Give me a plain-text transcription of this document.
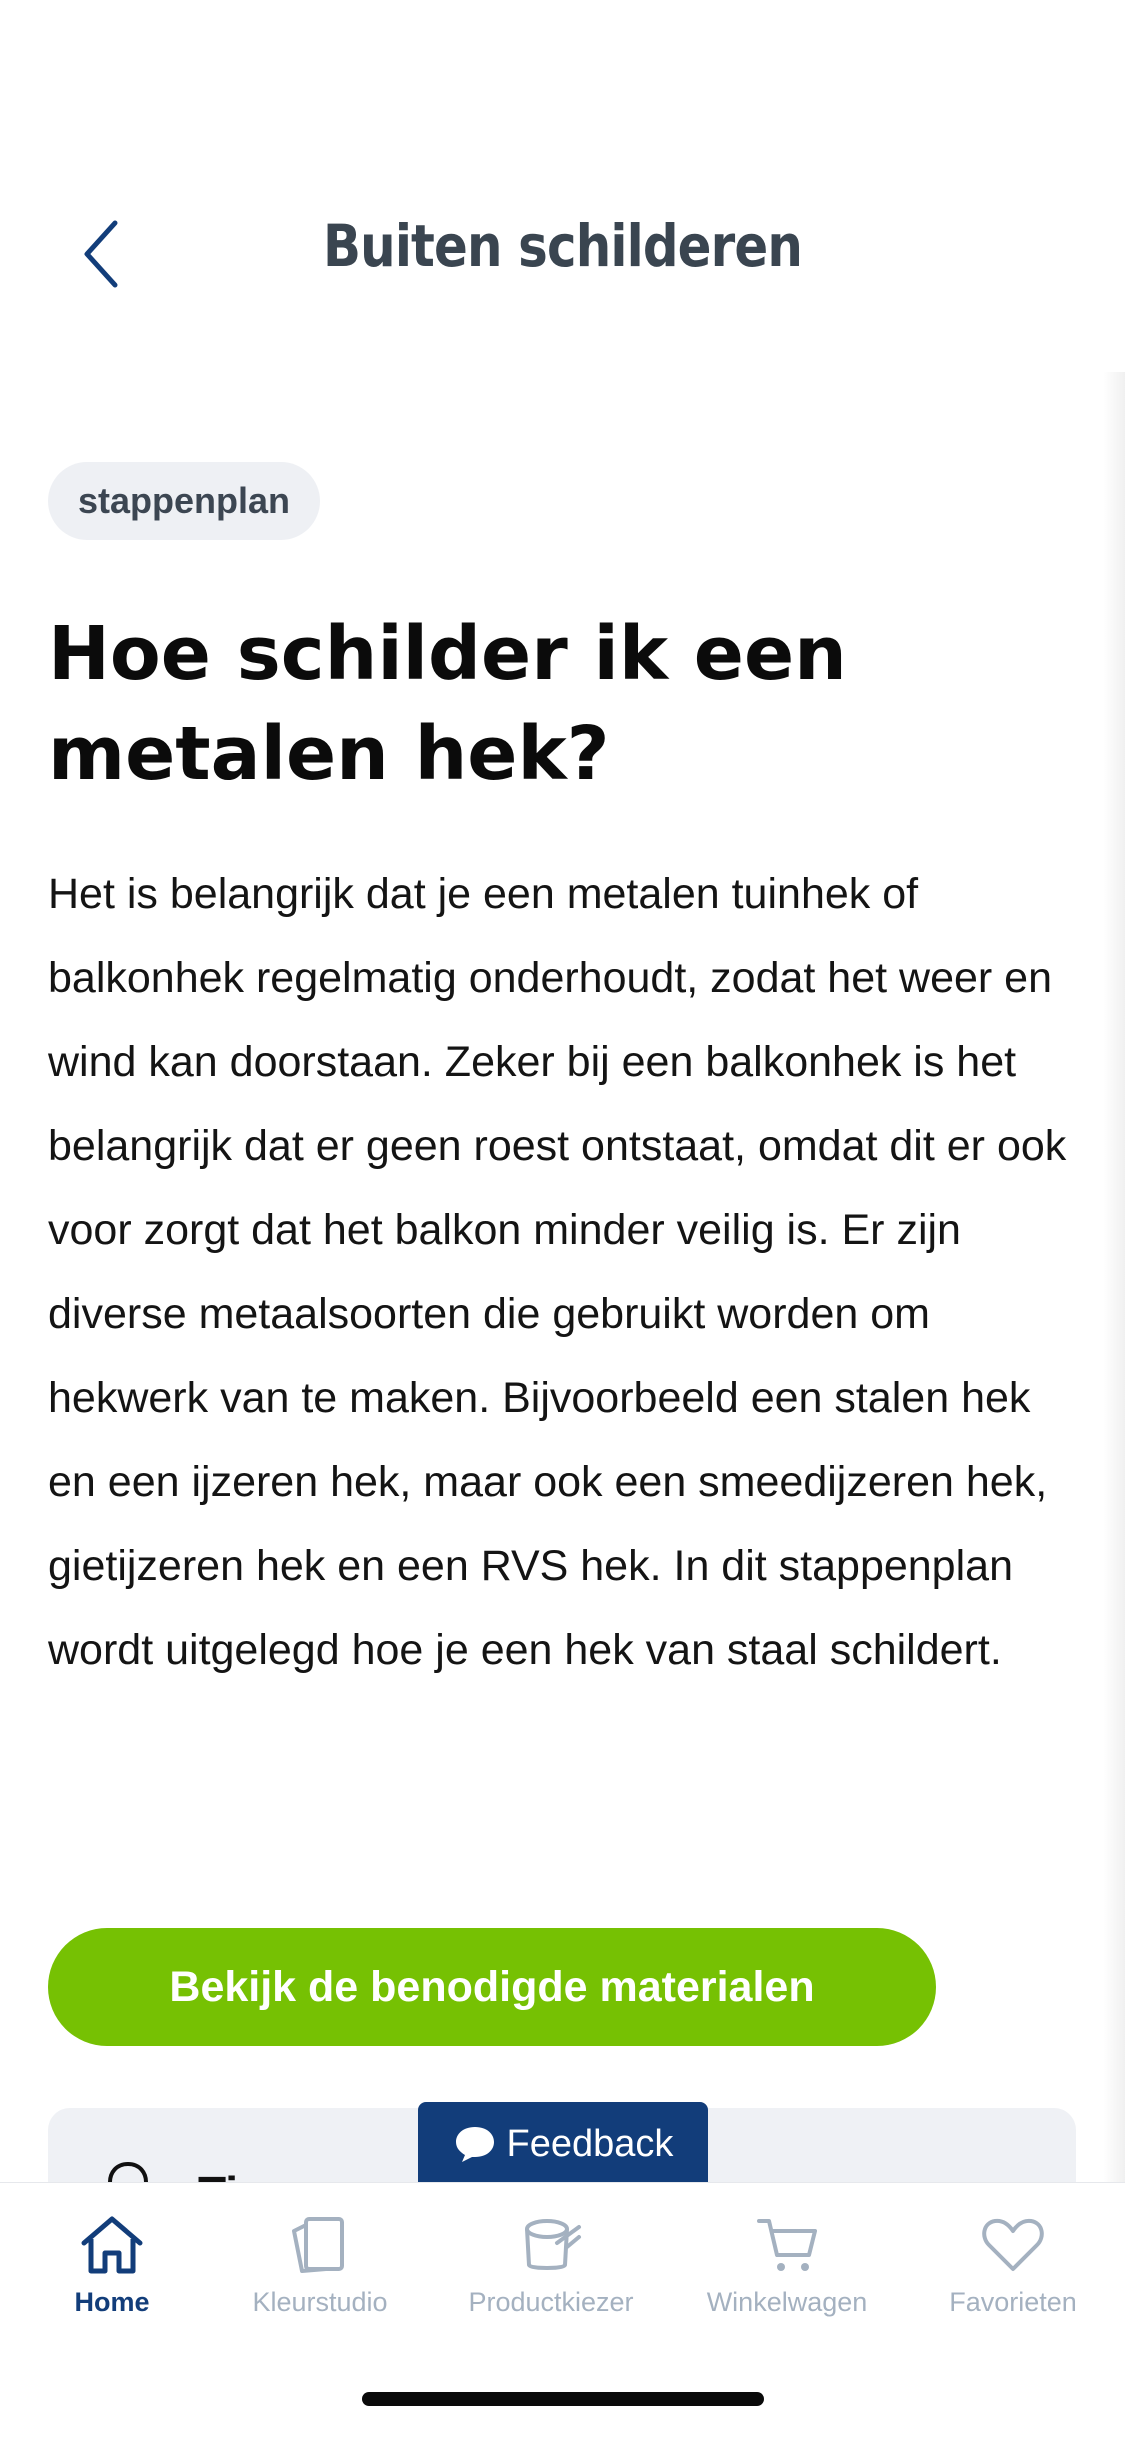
Buiten schilderen
stappenplan
Hoe schilder ik een metalen hek?
Het is belangrijk dat je een metalen tuinhek of balkonhek regelmatig onderhoudt, zodat het weer en wind kan doorstaan. Zeker bij een balkonhek is het belangrijk dat er geen roest ontstaat, omdat dit er ook voor zorgt dat het balkon minder veilig is. Er zijn diverse metaalsoorten die gebruikt worden om hekwerk van te maken. Bijvoorbeeld een stalen hek en een ijzeren hek, maar ook een smeedijzeren hek, gietijzeren hek en een RVS hek. In dit stappenplan wordt uitgelegd hoe je een hek van staal schildert.
Bekijk de benodigde materialen
Feedback
Home	Kleurstudio	Productkiezer	Winkelwagen	Favorieten
